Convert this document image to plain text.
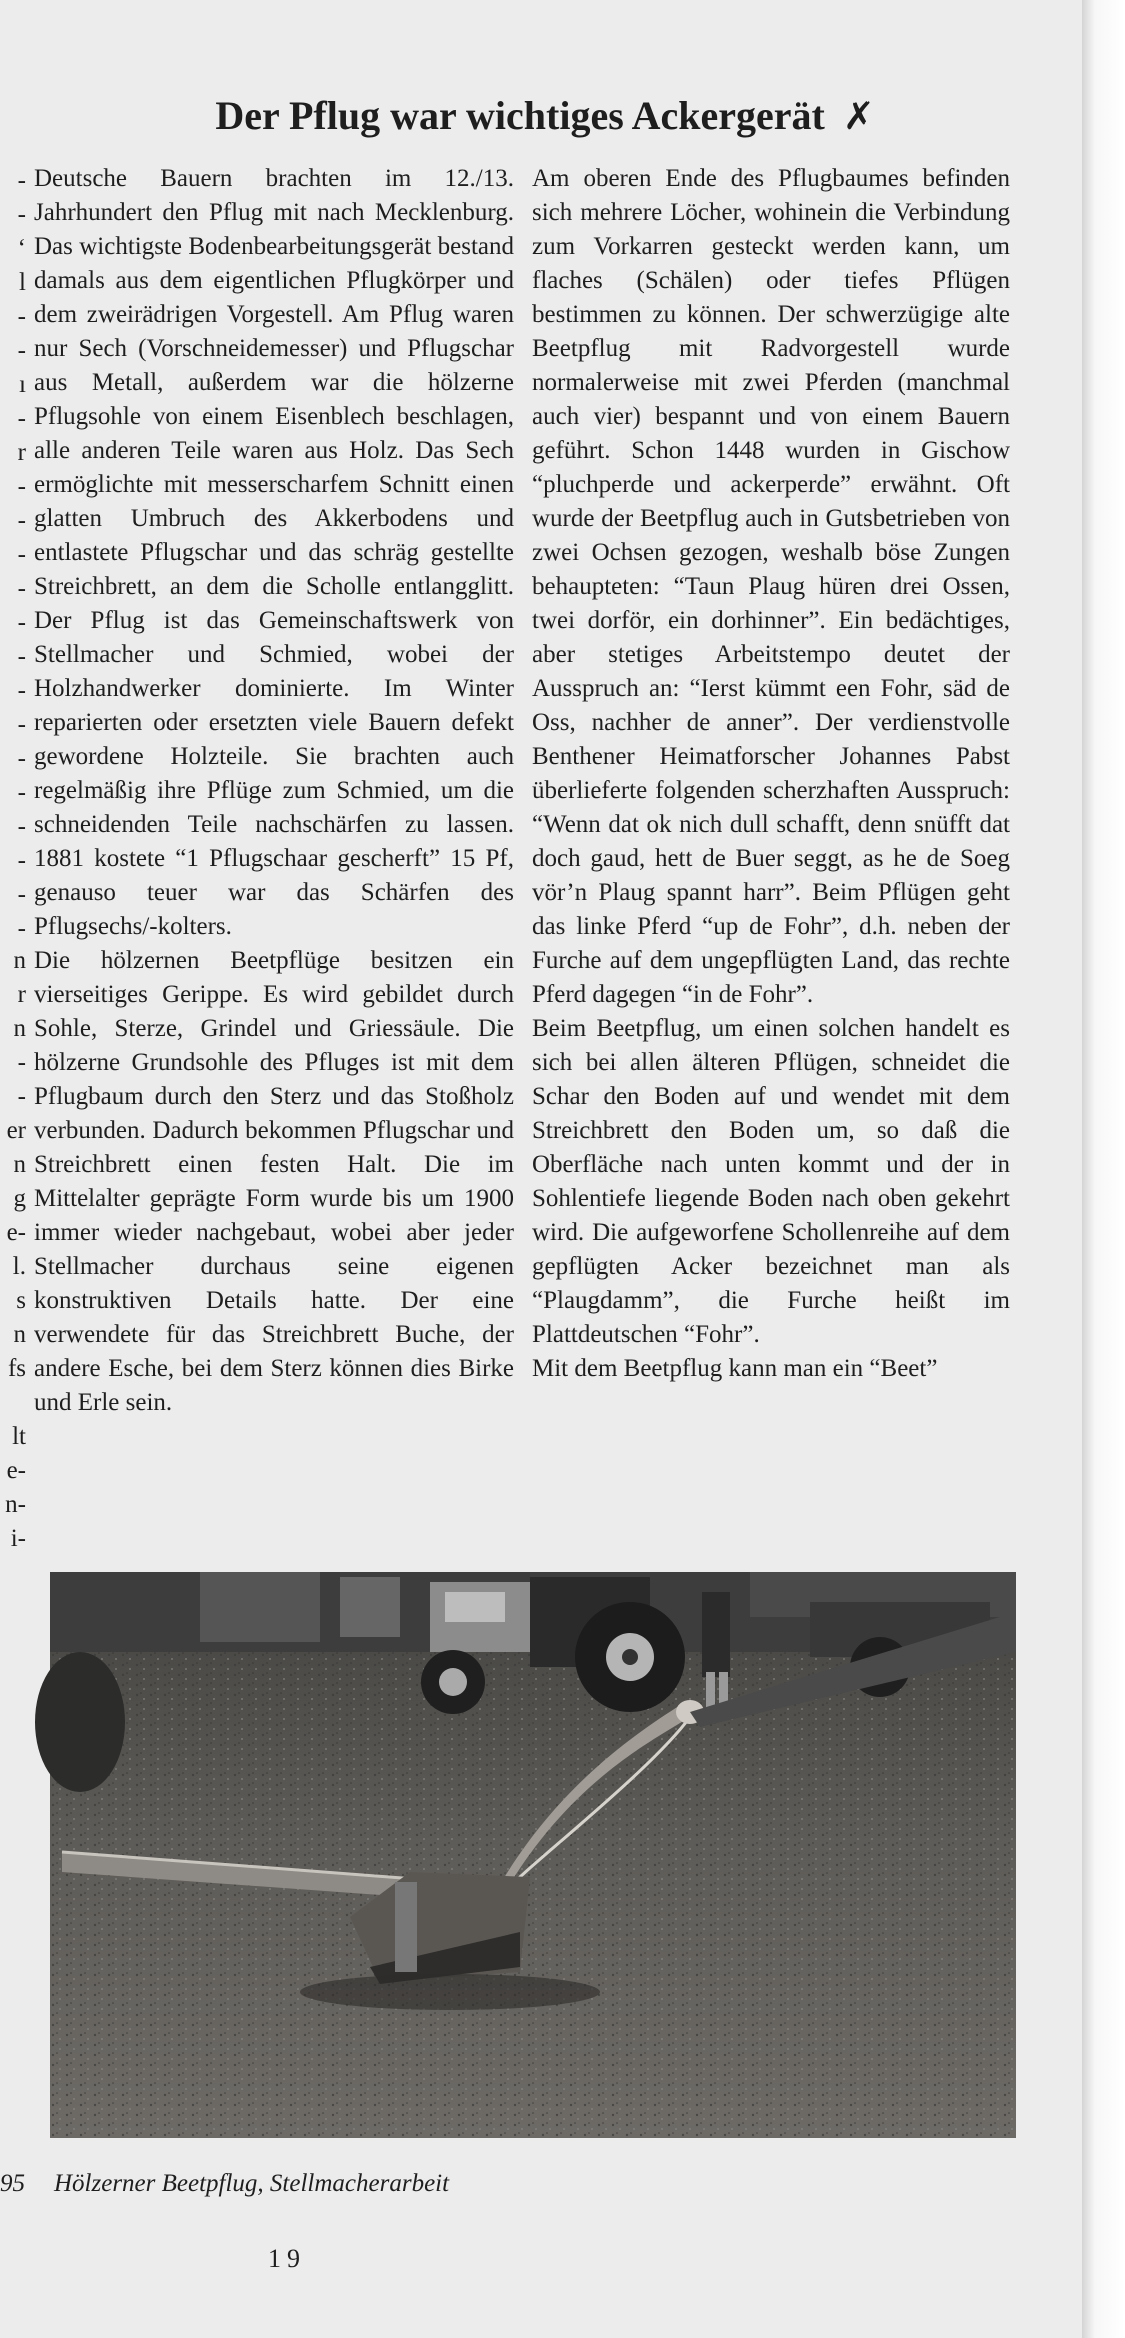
-
-
‘
l
-
-
ı
-
r
-
-
-
-
-
-
-
-
-
-
-
-
-
-
n
r
n
-
-
er
n
g
e-
l.
s
n
fs
lt
e-
n-
i-
Der Pflug war wichtiges Ackergerät ✗

Deutsche Bauern brachten im 12./13. Jahrhundert den Pflug mit nach Mecklenburg. Das wichtigste Bodenbearbeitungsgerät bestand damals aus dem eigentlichen Pflugkörper und dem zweirädrigen Vorgestell. Am Pflug waren nur Sech (Vorschneidemesser) und Pflugschar aus Metall, außerdem war die hölzerne Pflugsohle von einem Eisenblech beschlagen, alle anderen Teile waren aus Holz. Das Sech ermöglichte mit messerscharfem Schnitt einen glatten Umbruch des Akkerbodens und entlastete Pflugschar und das schräg gestellte Streichbrett, an dem die Scholle entlangglitt. Der Pflug ist das Gemeinschaftswerk von Stellmacher und Schmied, wobei der Holzhandwerker dominierte. Im Winter reparierten oder ersetzten viele Bauern defekt gewordene Holzteile. Sie brachten auch regelmäßig ihre Pflüge zum Schmied, um die schneidenden Teile nachschärfen zu lassen. 1881 kostete “1 Pflugschaar gescherft” 15 Pf, genauso teuer war das Schärfen des Pflugsechs/-kolters.

Die hölzernen Beetpflüge besitzen ein vierseitiges Gerippe. Es wird gebildet durch Sohle, Sterze, Grindel und Griessäule. Die hölzerne Grundsohle des Pfluges ist mit dem Pflugbaum durch den Sterz und das Stoßholz verbunden. Dadurch bekommen Pflugschar und Streichbrett einen festen Halt. Die im Mittelalter geprägte Form wurde bis um 1900 immer wieder nachgebaut, wobei aber jeder Stellmacher durchaus seine eigenen konstruktiven Details hatte. Der eine verwendete für das Streichbrett Buche, der andere Esche, bei dem Sterz können dies Birke und Erle sein.

Am oberen Ende des Pflugbaumes befinden sich mehrere Löcher, wohinein die Verbindung zum Vorkarren gesteckt werden kann, um flaches (Schälen) oder tiefes Pflügen bestimmen zu können. Der schwerzügige alte Beetpflug mit Radvorgestell wurde normalerweise mit zwei Pferden (manchmal auch vier) bespannt und von einem Bauern geführt. Schon 1448 wurden in Gischow “pluchperde und ackerperde” erwähnt. Oft wurde der Beetpflug auch in Gutsbetrieben von zwei Ochsen gezogen, weshalb böse Zungen behaupteten: “Taun Plaug hüren drei Ossen, twei dorför, ein dorhinner”. Ein bedächtiges, aber stetiges Arbeitstempo deutet der Ausspruch an: “Ierst kümmt een Fohr, säd de Oss, nachher de anner”. Der verdienstvolle Benthener Heimatforscher Johannes Pabst überlieferte folgenden scherzhaften Ausspruch: “Wenn dat ok nich dull schafft, denn snüfft dat doch gaud, hett de Buer seggt, as he de Soeg vör’n Plaug spannt harr”. Beim Pflügen geht das linke Pferd “up de Fohr”, d.h. neben der Furche auf dem ungepflügten Land, das rechte Pferd dagegen “in de Fohr”.

Beim Beetpflug, um einen solchen handelt es sich bei allen älteren Pflügen, schneidet die Schar den Boden auf und wendet mit dem Streichbrett den Boden um, so daß die Oberfläche nach unten kommt und der in Sohlentiefe liegende Boden nach oben gekehrt wird. Die aufgeworfene Schollenreihe auf dem gepflügten Acker bezeichnet man als “Plaugdamm”, die Furche heißt im Plattdeutschen “Fohr”.

Mit dem Beetpflug kann man ein “Beet”

95 Hölzerner Beetpflug, Stellmacherarbeit
19
